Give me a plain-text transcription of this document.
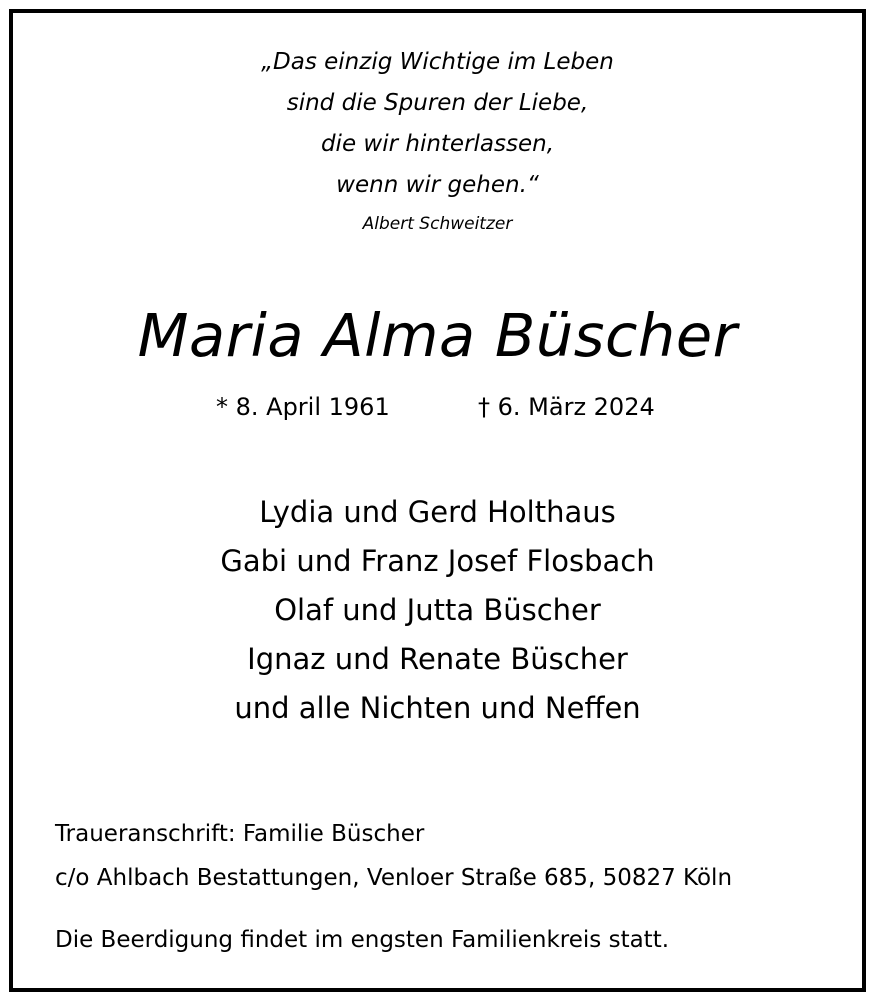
„Das einzig Wichtige im Leben
sind die Spuren der Liebe,
die wir hinterlassen,
wenn wir gehen.“
Albert Schweitzer
Maria Alma Büscher
* 8. April 1961	† 6. März 2024
Lydia und Gerd Holthaus
Gabi und Franz Josef Flosbach
Olaf und Jutta Büscher
Ignaz und Renate Büscher
und alle Nichten und Neffen
Traueranschrift: Familie Büscher
c/o Ahlbach Bestattungen, Venloer Straße 685, 50827 Köln
Die Beerdigung findet im engsten Familienkreis statt.
